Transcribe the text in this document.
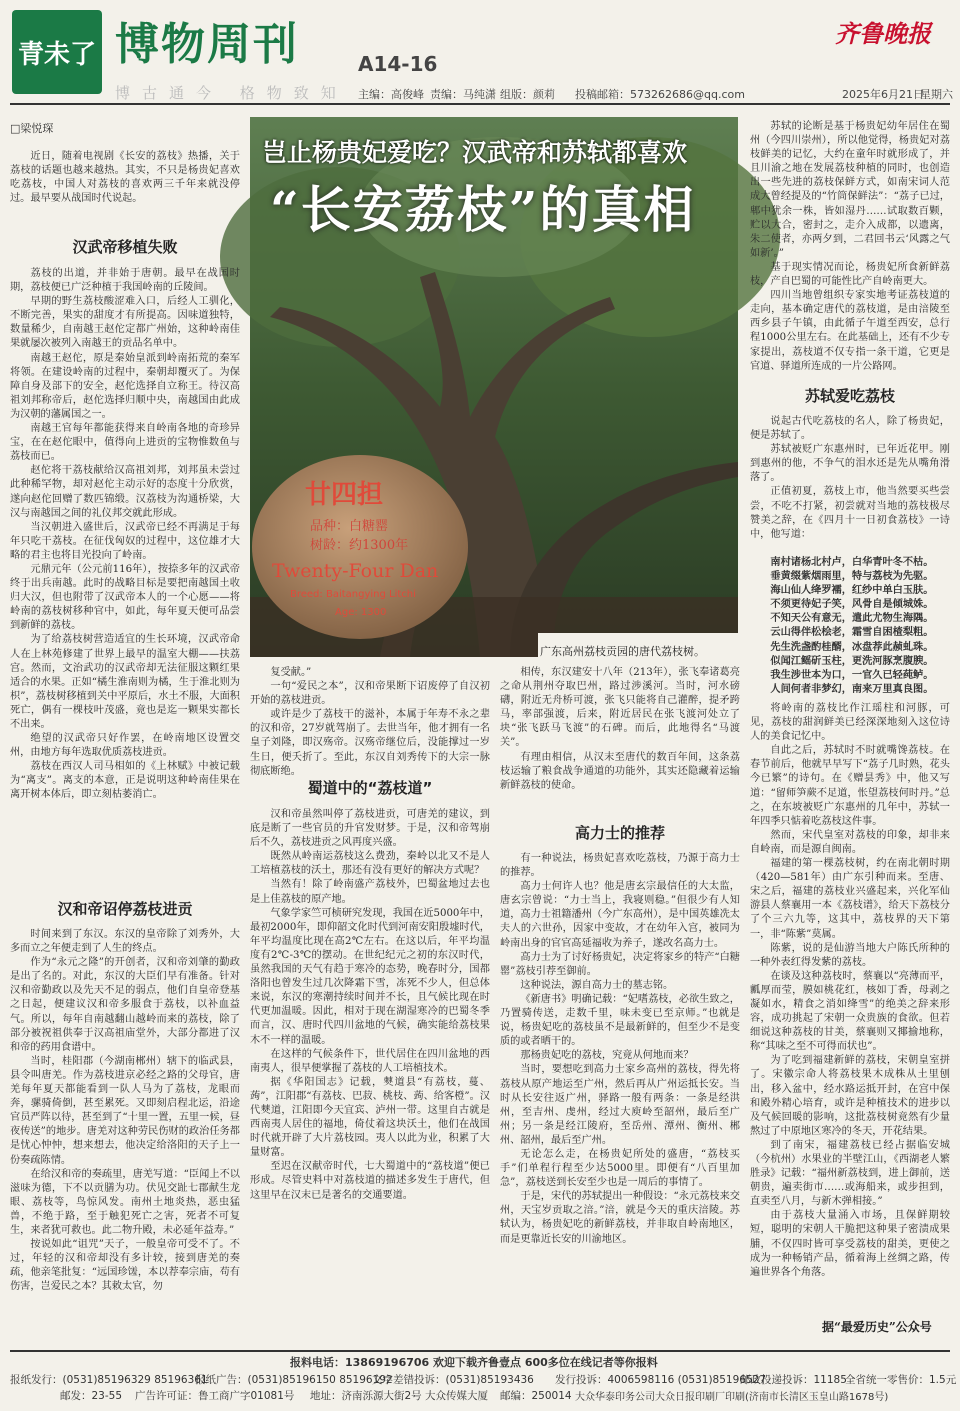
青未了 博物周刊	A14-16
博古通今 格物致知
齐鲁晚报
主编：高俊峰 责编：马纯潇 组版：颜莉 投稿邮箱：573262686@qq.com	2025年6月21日
星期六
□梁悦琛
廿四担
品种：白糖罂
树龄：约1300年
Twenty-Four Dan
Breed: Baitangying Litchi
Age: 1300
岂止杨贵妃爱吃？汉武帝和苏轼都喜欢
“长安荔枝”的真相
广东高州荔枝贡园的唐代荔枝树。

近日，随着电视剧《长安的荔枝》热播，关于荔枝的话题也越来越热。其实，不只是杨贵妃喜欢吃荔枝，中国人对荔枝的喜欢两三千年来就没停过。最早要从战国时代说起。

汉武帝移植失败

荔枝的出道，并非始于唐朝。最早在战国时期，荔枝便已广泛种植于我国岭南的丘陵间。

早期的野生荔枝酸涩难入口，后经人工驯化，不断完善，果实的甜度才有所提高。因味道独特，数量稀少，自南越王赵佗定都广州始，这种岭南佳果就屡次被列入南越王的贡品名单中。

南越王赵佗，原是秦始皇派到岭南拓荒的秦军将领。在建设岭南的过程中，秦朝却覆灭了。为保障自身及部下的安全，赵佗选择自立称王。待汉高祖刘邦称帝后，赵佗选择归顺中央，南越国由此成为汉朝的藩属国之一。

南越王官每年都能获得来自岭南各地的奇珍异宝，在在赵佗眼中，值得向上进贡的宝物惟数鱼与荔枝而已。

赵佗将干荔枝献给汉高祖刘邦，刘邦虽未尝过此种稀罕物，却对赵佗主动示好的态度十分欣赏，遂向赵佗回赠了数匹锦缎。汉荔枝为沟通桥梁，大汉与南越国之间的礼仪邦交就此形成。

当汉朝进入盛世后，汉武帝已经不再满足于每年只吃干荔枝。在征伐匈奴的过程中，这位雄才大略的君主也将目光投向了岭南。

元鼎元年（公元前116年），按捺多年的汉武帝终于出兵南越。此时的战略目标是要把南越国土收归大汉，但也附带了汉武帝本人的一个心愿——将岭南的荔枝树移种官中，如此，每年夏天便可品尝到新鲜的荔枝。

为了给荔枝树营造适宜的生长环境，汉武帝命人在上林苑修建了世界上最早的温室大棚——扶荔宫。然而，文治武功的汉武帝却无法征服这颗红果适合的水果。正如“橘生淮南则为橘，生于淮北则为枳”，荔枝树移植到关中平原后，水土不服，大面积死亡，偶有一棵枝叶茂盛，竟也是迄一颗果实都长不出来。

绝望的汉武帝只好作罢，在岭南地区设置交州，由地方每年选取优质荔枝进贡。

荔枝在西汉人司马相如的《上林赋》中被记载为“离支”。离支的本意，正是说明这种岭南佳果在离开树本体后，即立刻枯萎消亡。

汉和帝诏停荔枝进贡

时间来到了东汉。东汉的皇帝除了刘秀外，大多而立之年便走到了人生的终点。

作为“永元之隆”的开创者，汉和帝刘肇的勤政是出了名的。对此，东汉的大臣们早有准备。针对汉和帝勤政以及先天不足的弱点，他们自皇帝登基之日起，便建议汉和帝多服食于荔枝，以补血益气。所以，每年自南越翻山越岭而来的荔枝，除了部分被祝祖供奉于汉高祖庙堂外，大部分都进了汉和帝的药用食谱中。

当时，桂阳郡（今湖南郴州）辖下的临武县，县令叫唐羌。作为荔枝进京必经之路的父母官，唐羌每年夏天都能看到一队人马为了荔枝，龙眼而奔，骡骑倚倒，甚至累死。又即刻启程北运，沿途官员严阵以待，甚至到了“十里一置，五里一候，昼夜传送”的地步。唐羌对这种劳民伤财的政治任务都是忧心忡忡，想来想去，他决定给洛阳的天子上一份奏疏陈情。

在给汉和帝的奏疏里，唐羌写道：“臣闻上不以滋味为德，下不以贡膳为功。伏见交趾七郡献生龙眼、荔枝等，鸟惊风发。南州土地炎热，恶虫猛兽，不绝于路，至于触犯死亡之害，死者不可复生，来者犹可救也。此二物升殿，未必延年益寿。”

按说如此“诅咒”天子，一般皇帝可受不了。不过，年轻的汉和帝却没有多计较，接到唐羌的奏疏，他亲笔批复：“远国珍馐，本以荐奉宗庙，苟有伤害，岂爱民之本？其敕太官，勿

复受献。”

一句“爱民之本”，汉和帝果断下诏废停了自汉初开始的荔枝进贡。

或许是少了荔枝干的滋补，本属于年寿不永之辈的汉和帝，27岁就驾崩了。去世当年，他才拥有一名皇子刘隆，即汉殇帝。汉殇帝继位后，没能撑过一岁生日，便夭折了。至此，东汉自刘秀传下的大宗一脉彻底断绝。

蜀道中的“荔枝道”

汉和帝虽然叫停了荔枝进贡，可唐羌的建议，到底是断了一些官员的升官发财梦。于是，汉和帝驾崩后不久，荔枝进贡之风再度兴盛。

既然从岭南运荔枝这么费劲，秦岭以北又不是人工培植荔枝的沃土，那还有没有更好的解决方式呢？

当然有！除了岭南盛产荔枝外，巴蜀盆地过去也是上佳荔枝的原产地。

气象学家竺可桢研究发现，我国在近5000年中，最初2000年，即仰韶文化时代到河南安阳殷墟时代，年平均温度比现在高2℃左右。在这以后，年平均温度有2℃-3℃的摆动。在世纪纪元之初的东汉时代，虽然我国的天气有趋于寒冷的态势，晚春时分，国都洛阳也曾发生过几次降霜下雪，冻死不少人，但总体来说，东汉的寒潮持续时间并不长，且气候比现在时代更加温暖。因此，相对于现在湖湿寒冷的巴蜀冬季而言，汉、唐时代四川盆地的气候，确实能给荔枝果木不一样的温暖。

在这样的气候条件下，世代居住在四川盆地的西南夷人，很早便掌握了荔枝的人工培植技术。

据《华阳国志》记载，僰道县“有荔枝，蔓、蒟”，江阳郡“有荔枝、巴菽、桃枝、蒟、给客橙”。汉代僰道，江阳即今天宜宾、泸州一带。这里自古就是西南夷人居住的福地，倚仗着这块沃土，他们在战国时代就开辟了大片荔枝园。夷人以此为业，积累了大量财富。

至迟在汉献帝时代，七大蜀道中的“荔枝道”便已形成。尽管史料中对荔枝道的描述多发生于唐代，但这里早在汉末已是著名的交通要道。

相传，东汉建安十八年（213年），张飞奉诸葛亮之命从荆州夺取巴州，路过涉溪河。当时，河水磅礴，附近无舟桥可渡，张飞只能将自己灌醉，提矛跨马，率部强渡，后来，附近居民在张飞渡河处立了块“张飞跃马飞渡”的石碑。而后，此地得名“马渡关”。

有理由相信，从汉末至唐代的数百年间，这条荔枝运输了粮食战争通道的功能外，其实还隐藏着运输新鲜荔枝的使命。

高力士的推荐

有一种说法，杨贵妃喜欢吃荔枝，乃源于高力士的推荐。

高力士何许人也？他是唐玄宗最信任的大太监，唐玄宗曾说：“力士当上，我寝则稳。”但很少有人知道，高力士祖籍潘州（今广东高州），是中国英雄冼太夫人的六世孙，因家中变故，才在幼年入宫，被同为岭南出身的官官高延福收为养子，遂改名高力士。

高力士为了讨好杨贵妃，决定将家乡的特产“白糖罂”荔枝引荐至御前。

这种说法，源自高力士的墓志铭。

《新唐书》明确记载：“妃嗜荔枝，必欲生致之，乃置骑传送，走数千里，味未变已至京师。”也就是说，杨贵妃吃的荔枝虽不是最新鲜的，但至少不是变质的或者晒干的。

那杨贵妃吃的荔枝，究竟从何地而来？

当时，要想吃到高力士家乡高州的荔枝，得先将荔枝从原产地运至广州，然后再从广州运抵长安。当时从长安往返广州，驿路一般有两条：一条是经洪州，至吉州、虔州，经过大庾岭至韶州，最后至广州；另一条是经江陵府，至岳州、潭州、衡州、郴州、韶州，最后至广州。

无论怎么走，在杨贵妃所处的盛唐，“荔枝买手”们单程行程至少达5000里。即便有“八百里加急”，荔枝送到长安至少也是一周后的事情了。

于是，宋代的苏轼提出一种假设：“永元荔枝来交州，天宝岁贡取之涪。”涪，就是今天的重庆涪陵。苏轼认为，杨贵妃吃的新鲜荔枝，并非取自岭南地区，而是更靠近长安的川渝地区。

苏轼的论断是基于杨贵妃幼年居住在蜀州（今四川崇州），所以他觉得，杨贵妃对荔枝鲜美的记忆，大约在童年时就形成了，并且川渝之地在发展荔枝种植的同时，也创造出一些先进的荔枝保鲜方式，如南宋词人范成大曾经提及的“竹筒保鲜法”：“荔子已过，郫中犹余一株，皆如湿丹……试取数百颗，贮以大合，密封之，走介入成都，以遗离，朱二使者，亦两夕到，二君回书云‘风露之气如新’。”

基于现实情况而论，杨贵妃所食新鲜荔枝，产自巴蜀的可能性比产自岭南更大。

四川当地曾组织专家实地考证荔枝道的走向，基本确定唐代的荔枝道，是由涪陵至西乡县子午镇，由此循子午道至西安，总行程1000公里左右。在此基础上，还有不少专家提出，荔枝道不仅专指一条干道，它更是官道、驿道所连成的一片公路网。

苏轼爱吃荔枝

说起古代吃荔枝的名人，除了杨贵妃，便是苏轼了。

苏轼被贬广东惠州时，已年近花甲。刚到惠州的他，不争气的泪水还是先从嘴角滑落了。

正值初夏，荔枝上市，他当然要买些尝尝，不吃不打紧，初尝就对当地的荔枝极尽赞美之辞，在《四月十一日初食荔枝》一诗中，他写道：

南村诸杨北村卢，白华青叶冬不枯。
垂黄缀紫烟雨里，特与荔枝为先驱。
海山仙人绛罗襦，红纱中单白玉肤。
不须更待妃子笑，风骨自是倾城姝。
不知天公有意无，遣此尤物生海隅。
云山得伴松桧老，霜雪自困楂梨粗。
先生洗盏酌桂醑，冰盘荐此赪虬珠。
似闻江鳐斫玉柱，更洗河豚烹腹腴。
我生涉世本为口，一官久已轻莼鲈。
人间何者非梦幻，南来万里真良图。

将岭南的荔枝比作江瑶柱和河豚，可见，荔枝的甜润鲜美已经深深地刻入这位诗人的美食记忆中。

自此之后，苏轼时不时就嘴馋荔枝。在春节前后，他就早早写下“荔子几时熟，花头今已繁”的诗句。在《赠昙秀》中，他又写道：“留师笋蕨不足道，怅望荔枝何时丹。”总之，在东坡被贬广东惠州的几年中，苏轼一年四季只惦着吃荔枝这件事。

然而，宋代皇室对荔枝的印象，却非来自岭南，而是源自闽南。

福建的第一棵荔枝树，约在南北朝时期（420—581年）由广东引种而来。至唐、宋之后，福建的荔枝业兴盛起来，兴化军仙游县人蔡襄用一本《荔枝谱》，给天下荔枝分了个三六九等，这其中，荔枝界的天下第一，非“陈紫”莫属。

陈紫，说的是仙游当地大户陈氏所种的一种外表红得发紫的荔枝。

在谈及这种荔枝时，蔡襄以“亮薄而平，瓤厚而莹，膜如桃花红，核如丁香，母剥之凝如水，精食之消如绛雪”的绝美之辞来形容，成功挑起了宋朝一众贵族的食欲。但若细说这种荔枝的甘美，蔡襄则又揶揄地称，称“其味之至不可得而状也”。

为了吃到福建新鲜的荔枝，宋朝皇室拼了。宋徽宗命人将荔枝果木成株从土里刨出，移入盆中，经水路运抵开封，在宫中保和殿外精心培育，或许是种植技术的进步以及气候回暖的影响，这批荔枝树竟然有少量熬过了中原地区寒冷的冬天，开花结果。

到了南宋，福建荔枝已经占据临安城（今杭州）水果业的半壁江山，《西湖老人繁胜录》记载：“福州新荔枝到，进上御前，送朝贵，遍卖街市……或海船来，或步担到，直卖至八月，与新木弹相接。”

由于荔枝大量涌入市场，且保鲜期较短，聪明的宋朝人干脆把这种果子密渍成果脯，不仅四时皆可享受荔枝的甜美，更使之成为一种畅销产品，循着海上丝绸之路，传遍世界各个角落。

据“最爱历史”公众号
报料电话：13869196706 欢迎下载齐鲁壹点 600多位在线记者等你报料
报纸发行：(0531)85196329 85196361
报纸广告：(0531)85196150 85196192
文字差错投诉：(0531)85193436 发行投诉：4006598116 (0531)85196527
邮政投递投诉：11185
全省统一零售价：1.5元
邮发：23-55 广告许可证：鲁工商广字01081号 地址：济南泺源大街2号 大众传媒大厦 邮编：250014 大众华泰印务公司大众日报印刷厂印刷(济南市长清区玉皇山路1678号)
